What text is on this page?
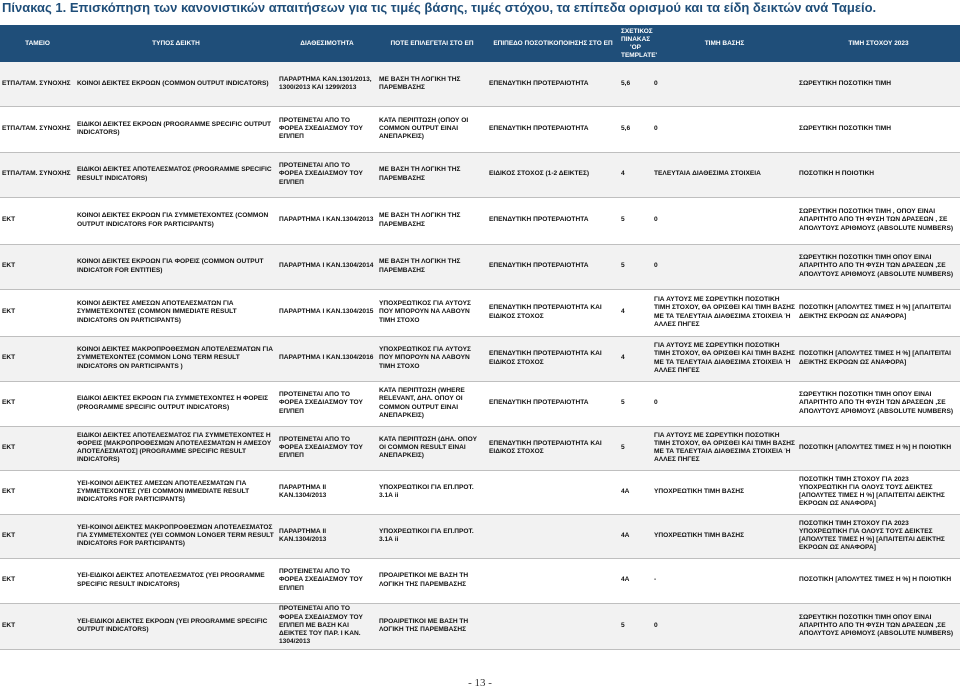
Πίνακας 1. Επισκόπηση των κανονιστικών απαιτήσεων για τις τιμές βάσης, τιμές στόχου, τα επίπεδα ορισμού και τα είδη δεικτών ανά Ταμείο.
ΤΑΜΕΙΟ	ΤΥΠΟΣ ΔΕΙΚΤΗ	ΔΙΑΘΕΣΙΜΟΤΗΤΑ	ΠΟΤΕ ΕΠΙΛΕΓΕΤΑΙ ΣΤΟ ΕΠ	ΕΠΙΠΕΔΟ ΠΟΣΟΤΙΚΟΠΟΙΗΣΗΣ ΣΤΟ ΕΠ	ΣΧΕΤΙΚΟΣ ΠΙΝΑΚΑΣ 'OP TEMPLATE'	ΤΙΜΗ ΒΑΣΗΣ	ΤΙΜΗ ΣΤΟΧΟΥ 2023
ΕΤΠΑ/ΤΑΜ. ΣΥΝΟΧΗΣ	ΚΟΙΝΟΙ ΔΕΙΚΤΕΣ ΕΚΡΟΩΝ (COMMON OUTPUT INDICATORS)	ΠΑΡΑΡΤΗΜΑ ΚΑΝ.1301/2013, 1300/2013 ΚΑΙ 1299/2013	ΜΕ ΒΑΣΗ ΤΗ ΛΟΓΙΚΗ ΤΗΣ ΠΑΡΕΜΒΑΣΗΣ	ΕΠΕΝΔΥΤΙΚΗ ΠΡΟΤΕΡΑΙΟΤΗΤΑ	5,6	0	ΣΩΡΕΥΤΙΚΗ ΠΟΣΟΤΙΚΗ ΤΙΜΗ
ΕΤΠΑ/ΤΑΜ. ΣΥΝΟΧΗΣ	ΕΙΔΙΚΟΙ ΔΕΙΚΤΕΣ ΕΚΡΟΩΝ (PROGRAMME SPECIFIC OUTPUT INDICATORS)	ΠΡΟΤΕΙΝΕΤΑΙ ΑΠΟ ΤΟ ΦΟΡΕΑ ΣΧΕΔΙΑΣΜΟΥ ΤΟΥ ΕΠ/ΠΕΠ	ΚΑΤΑ ΠΕΡΙΠΤΩΣΗ (ΟΠΟΥ ΟΙ COMMON OUTPUT ΕΙΝΑΙ ΑΝΕΠΑΡΚΕΙΣ)	ΕΠΕΝΔΥΤΙΚΗ ΠΡΟΤΕΡΑΙΟΤΗΤΑ	5,6	0	ΣΩΡΕΥΤΙΚΗ ΠΟΣΟΤΙΚΗ ΤΙΜΗ
ΕΤΠΑ/ΤΑΜ. ΣΥΝΟΧΗΣ	ΕΙΔΙΚΟΙ ΔΕΙΚΤΕΣ ΑΠΟΤΕΛΕΣΜΑΤΟΣ (PROGRAMME SPECIFIC RESULT INDICATORS)	ΠΡΟΤΕΙΝΕΤΑΙ ΑΠΟ ΤΟ ΦΟΡΕΑ ΣΧΕΔΙΑΣΜΟΥ ΤΟΥ ΕΠ/ΠΕΠ	ΜΕ ΒΑΣΗ ΤΗ ΛΟΓΙΚΗ ΤΗΣ ΠΑΡΕΜΒΑΣΗΣ	ΕΙΔΙΚΟΣ ΣΤΟΧΟΣ (1-2 ΔΕΙΚΤΕΣ)	4	ΤΕΛΕΥΤΑΙΑ ΔΙΑΘΕΣΙΜΑ ΣΤΟΙΧΕΙΑ	ΠΟΣΟΤΙΚΗ Η ΠΟΙΟΤΙΚΗ
ΕΚΤ	ΚΟΙΝΟΙ ΔΕΙΚΤΕΣ ΕΚΡΟΩΝ ΓΙΑ ΣΥΜΜΕΤΕΧΟΝΤΕΣ (COMMON OUTPUT INDICATORS FOR PARTICIPANTS)	ΠΑΡΑΡΤΗΜΑ Ι ΚΑΝ.1304/2013	ΜΕ ΒΑΣΗ ΤΗ ΛΟΓΙΚΗ ΤΗΣ ΠΑΡΕΜΒΑΣΗΣ	ΕΠΕΝΔΥΤΙΚΗ ΠΡΟΤΕΡΑΙΟΤΗΤΑ	5	0	ΣΩΡΕΥΤΙΚΗ ΠΟΣΟΤΙΚΗ ΤΙΜΗ , ΟΠΟΥ ΕΙΝΑΙ ΑΠΑΡΙΤΗΤΟ ΑΠΟ ΤΗ ΦΥΣΗ ΤΩΝ ΔΡΑΣΕΩΝ , ΣΕ ΑΠΟΛΥΤΟΥΣ ΑΡΙΘΜΟΥΣ (ABSOLUTE NUMBERS)
ΕΚΤ	ΚΟΙΝΟΙ ΔΕΙΚΤΕΣ ΕΚΡΟΩΝ ΓΙΑ ΦΟΡΕΙΣ (COMMON OUTPUT INDICATOR FOR ENTITIES)	ΠΑΡΑΡΤΗΜΑ Ι ΚΑΝ.1304/2014	ΜΕ ΒΑΣΗ ΤΗ ΛΟΓΙΚΗ ΤΗΣ ΠΑΡΕΜΒΑΣΗΣ	ΕΠΕΝΔΥΤΙΚΗ ΠΡΟΤΕΡΑΙΟΤΗΤΑ	5	0	ΣΩΡΕΥΤΙΚΗ ΠΟΣΟΤΙΚΗ ΤΙΜΗ ΟΠΟΥ ΕΙΝΑΙ ΑΠΑΡΙΤΗΤΟ ΑΠΟ ΤΗ ΦΥΣΗ ΤΩΝ ΔΡΑΣΕΩΝ ,ΣΕ ΑΠΟΛΥΤΟΥΣ ΑΡΙΘΜΟΥΣ (ABSOLUTE NUMBERS)
ΕΚΤ	ΚΟΙΝΟΙ ΔΕΙΚΤΕΣ ΑΜΕΣΩΝ ΑΠΟΤΕΛΕΣΜΑΤΩΝ ΓΙΑ ΣΥΜΜΕΤΕΧΟΝΤΕΣ (COMMON IMMEDIATE RESULT INDICATORS ON PARTICIPANTS)	ΠΑΡΑΡΤΗΜΑ Ι ΚΑΝ.1304/2015	ΥΠΟΧΡΕΩΤΙΚΟΣ ΓΙΑ ΑΥΤΟΥΣ ΠΟΥ ΜΠΟΡΟΥΝ ΝΑ ΛΑΒΟΥΝ ΤΙΜΗ ΣΤΟΧΟ	ΕΠΕΝΔΥΤΙΚΗ ΠΡΟΤΕΡΑΙΟΤΗΤΑ ΚΑΙ ΕΙΔΙΚΟΣ ΣΤΟΧΟΣ	4	ΓΙΑ ΑΥΤΟΥΣ ΜΕ ΣΩΡΕΥΤΙΚΗ ΠΟΣΟΤΙΚΗ ΤΙΜΗ ΣΤΟΧΟΥ, ΘΑ ΟΡΙΣΘΕΙ ΚΑΙ ΤΙΜΗ ΒΑΣΗΣ ΜΕ ΤΑ ΤΕΛΕΥΤΑΙΑ ΔΙΑΘΕΣΙΜΑ ΣΤΟΙΧΕΙΑ Ή ΑΛΛΕΣ ΠΗΓΕΣ	ΠΟΣΟΤΙΚΗ [ΑΠΟΛΥΤΕΣ ΤΙΜΕΣ Η %] [ΑΠΑΙΤΕΙΤΑΙ ΔΕΙΚΤΗΣ ΕΚΡΟΩΝ ΩΣ ΑΝΑΦΟΡΑ]
ΕΚΤ	ΚΟΙΝΟΙ ΔΕΙΚΤΕΣ ΜΑΚΡΟΠΡΟΘΕΣΜΩΝ ΑΠΟΤΕΛΕΣΜΑΤΩΝ ΓΙΑ ΣΥΜΜΕΤΕΧΟΝΤΕΣ (COMMON LONG TERM RESULT INDICATORS ON PARTICIPANTS )	ΠΑΡΑΡΤΗΜΑ Ι ΚΑΝ.1304/2016	ΥΠΟΧΡΕΩΤΙΚΟΣ ΓΙΑ ΑΥΤΟΥΣ ΠΟΥ ΜΠΟΡΟΥΝ ΝΑ ΛΑΒΟΥΝ ΤΙΜΗ ΣΤΟΧΟ	ΕΠΕΝΔΥΤΙΚΗ ΠΡΟΤΕΡΑΙΟΤΗΤΑ ΚΑΙ ΕΙΔΙΚΟΣ ΣΤΟΧΟΣ	4	ΓΙΑ ΑΥΤΟΥΣ ΜΕ ΣΩΡΕΥΤΙΚΗ ΠΟΣΟΤΙΚΗ ΤΙΜΗ ΣΤΟΧΟΥ, ΘΑ ΟΡΙΣΘΕΙ ΚΑΙ ΤΙΜΗ ΒΑΣΗΣ ΜΕ ΤΑ ΤΕΛΕΥΤΑΙΑ ΔΙΑΘΕΣΙΜΑ ΣΤΟΙΧΕΙΑ Ή ΑΛΛΕΣ ΠΗΓΕΣ	ΠΟΣΟΤΙΚΗ [ΑΠΟΛΥΤΕΣ ΤΙΜΕΣ Η %] [ΑΠΑΙΤΕΙΤΑΙ ΔΕΙΚΤΗΣ ΕΚΡΟΩΝ ΩΣ ΑΝΑΦΟΡΑ]
ΕΚΤ	ΕΙΔΙΚΟΙ ΔΕΙΚΤΕΣ ΕΚΡΟΩΝ ΓΙΑ ΣΥΜΜΕΤΕΧΟΝΤΕΣ Η ΦΟΡΕΙΣ (PROGRAMME SPECIFIC OUTPUT INDICATORS)	ΠΡΟΤΕΙΝΕΤΑΙ ΑΠΟ ΤΟ ΦΟΡΕΑ ΣΧΕΔΙΑΣΜΟΥ ΤΟΥ ΕΠ/ΠΕΠ	ΚΑΤΑ ΠΕΡΙΠΤΩΣΗ (WHERE RELEVANT, ΔΗΛ. ΟΠΟΥ ΟΙ COMMON OUTPUT ΕΙΝΑΙ ΑΝΕΠΑΡΚΕΙΣ)	ΕΠΕΝΔΥΤΙΚΗ ΠΡΟΤΕΡΑΙΟΤΗΤΑ	5	0	ΣΩΡΕΥΤΙΚΗ ΠΟΣΟΤΙΚΗ ΤΙΜΗ ΟΠΟΥ ΕΙΝΑΙ ΑΠΑΡΙΤΗΤΟ ΑΠΟ ΤΗ ΦΥΣΗ ΤΩΝ ΔΡΑΣΕΩΝ ,ΣΕ ΑΠΟΛΥΤΟΥΣ ΑΡΙΘΜΟΥΣ (ABSOLUTE NUMBERS)
ΕΚΤ	ΕΙΔΙΚΟΙ ΔΕΙΚΤΕΣ ΑΠΟΤΕΛΕΣΜΑΤΟΣ ΓΙΑ ΣΥΜΜΕΤΕΧΟΝΤΕΣ Η ΦΟΡΕΙΣ [ΜΑΚΡΟΠΡΟΘΕΣΜΩΝ ΑΠΟΤΕΛΕΣΜΑΤΩΝ Η ΑΜΕΣΟΥ ΑΠΟΤΕΛΕΣΜΑΤΟΣ] (PROGRAMME SPECIFIC RESULT INDICATORS)	ΠΡΟΤΕΙΝΕΤΑΙ ΑΠΟ ΤΟ ΦΟΡΕΑ ΣΧΕΔΙΑΣΜΟΥ ΤΟΥ ΕΠ/ΠΕΠ	ΚΑΤΑ ΠΕΡΙΠΤΩΣΗ (ΔΗΛ. ΟΠΟΥ ΟΙ COMMON RESULT ΕΙΝΑΙ ΑΝΕΠΑΡΚΕΙΣ)	ΕΠΕΝΔΥΤΙΚΗ ΠΡΟΤΕΡΑΙΟΤΗΤΑ ΚΑΙ ΕΙΔΙΚΟΣ ΣΤΟΧΟΣ	5	ΓΙΑ ΑΥΤΟΥΣ ΜΕ ΣΩΡΕΥΤΙΚΗ ΠΟΣΟΤΙΚΗ ΤΙΜΗ ΣΤΟΧΟΥ, ΘΑ ΟΡΙΣΘΕΙ ΚΑΙ ΤΙΜΗ ΒΑΣΗΣ ΜΕ ΤΑ ΤΕΛΕΥΤΑΙΑ ΔΙΑΘΕΣΙΜΑ ΣΤΟΙΧΕΙΑ Ή ΑΛΛΕΣ ΠΗΓΕΣ	ΠΟΣΟΤΙΚΗ [ΑΠΟΛΥΤΕΣ ΤΙΜΕΣ Η %] Η ΠΟΙΟΤΙΚΗ
ΕΚΤ	ΥΕΙ-ΚΟΙΝΟΙ ΔΕΙΚΤΕΣ ΑΜΕΣΩΝ ΑΠΟΤΕΛΕΣΜΑΤΩΝ ΓΙΑ ΣΥΜΜΕΤΕΧΟΝΤΕΣ (YEI COMMON IMMEDIATE RESULT INDICATORS FOR PARTICIPANTS)	ΠΑΡΑΡΤΗΜΑ ΙΙ ΚΑΝ.1304/2013	ΥΠΟΧΡΕΩΤΙΚΟΙ ΓΙΑ ΕΠ.ΠΡΟΤ. 3.1Α ii		4Α	ΥΠΟΧΡΕΩΤΙΚΗ ΤΙΜΗ ΒΑΣΗΣ	ΠΟΣΟΤΙΚΗ ΤΙΜΗ ΣΤΟΧΟΥ ΓΙΑ 2023 ΥΠΟΧΡΕΩΤΙΚΗ ΓΙΑ ΟΛΟΥΣ ΤΟΥΣ ΔΕΙΚΤΕΣ [ΑΠΟΛΥΤΕΣ ΤΙΜΕΣ Η %] [ΑΠΑΙΤΕΙΤΑΙ ΔΕΙΚΤΗΣ ΕΚΡΟΩΝ ΩΣ ΑΝΑΦΟΡΑ]
ΕΚΤ	ΥΕΙ-ΚΟΙΝΟΙ ΔΕΙΚΤΕΣ ΜΑΚΡΟΠΡΟΘΕΣΜΩΝ ΑΠΟΤΕΛΕΣΜΑΤΟΣ ΓΙΑ ΣΥΜΜΕΤΕΧΟΝΤΕΣ (YEI COMMON LONGER TERM RESULT INDICATORS FOR PARTICIPANTS)	ΠΑΡΑΡΤΗΜΑ ΙΙ ΚΑΝ.1304/2013	ΥΠΟΧΡΕΩΤΙΚΟΙ ΓΙΑ ΕΠ.ΠΡΟΤ. 3.1Α ii		4Α	ΥΠΟΧΡΕΩΤΙΚΗ ΤΙΜΗ ΒΑΣΗΣ	ΠΟΣΟΤΙΚΗ ΤΙΜΗ ΣΤΟΧΟΥ ΓΙΑ 2023 ΥΠΟΧΡΕΩΤΙΚΗ ΓΙΑ ΟΛΟΥΣ ΤΟΥΣ ΔΕΙΚΤΕΣ [ΑΠΟΛΥΤΕΣ ΤΙΜΕΣ Η %] [ΑΠΑΙΤΕΙΤΑΙ ΔΕΙΚΤΗΣ ΕΚΡΟΩΝ ΩΣ ΑΝΑΦΟΡΑ]
ΕΚΤ	ΥΕΙ-ΕΙΔΙΚΟΙ ΔΕΙΚΤΕΣ ΑΠΟΤΕΛΕΣΜΑΤΟΣ (YEI PROGRAMME SPECIFIC RESULT INDICATORS)	ΠΡΟΤΕΙΝΕΤΑΙ ΑΠΟ ΤΟ ΦΟΡΕΑ ΣΧΕΔΙΑΣΜΟΥ ΤΟΥ ΕΠ/ΠΕΠ	ΠΡΟΑΙΡΕΤΙΚΟΙ ΜΕ ΒΑΣΗ ΤΗ ΛΟΓΙΚΗ ΤΗΣ ΠΑΡΕΜΒΑΣΗΣ		4Α	-	ΠΟΣΟΤΙΚΗ [ΑΠΟΛΥΤΕΣ ΤΙΜΕΣ Η %] Η ΠΟΙΟΤΙΚΗ
ΕΚΤ	ΥΕΙ-ΕΙΔΙΚΟΙ ΔΕΙΚΤΕΣ ΕΚΡΟΩΝ (YEI PROGRAMME SPECIFIC OUTPUT INDICATORS)	ΠΡΟΤΕΙΝΕΤΑΙ ΑΠΟ ΤΟ ΦΟΡΕΑ ΣΧΕΔΙΑΣΜΟΥ ΤΟΥ ΕΠ/ΠΕΠ ΜΕ ΒΑΣΗ ΚΑΙ ΔΕΙΚΤΕΣ ΤΟΥ ΠΑΡ. Ι ΚΑΝ. 1304/2013	ΠΡΟΑΙΡΕΤΙΚΟΙ ΜΕ ΒΑΣΗ ΤΗ ΛΟΓΙΚΗ ΤΗΣ ΠΑΡΕΜΒΑΣΗΣ		5	0	ΣΩΡΕΥΤΙΚΗ ΠΟΣΟΤΙΚΗ ΤΙΜΗ ΟΠΟΥ ΕΙΝΑΙ ΑΠΑΡΙΤΗΤΟ ΑΠΟ ΤΗ ΦΥΣΗ ΤΩΝ ΔΡΑΣΕΩΝ ,ΣΕ ΑΠΟΛΥΤΟΥΣ ΑΡΙΘΜΟΥΣ (ABSOLUTE NUMBERS)
- 13 -
